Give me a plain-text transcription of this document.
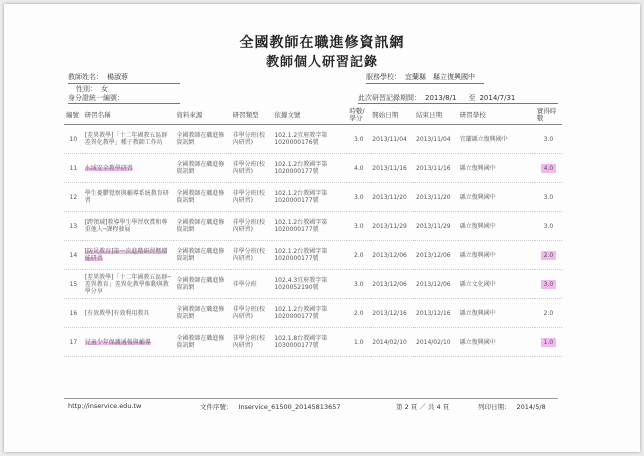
全國教師在職進修資訊網
教師個人研習記錄
教師姓名： 楊淑蓉
性別： 女
身分證統一編號：
服務學校： 宜蘭縣　縣立復興國中
此次研習記錄期間： 2013/8/1 至 2014/7/31
編號	研習名稱	資料來源	研習類型	依據文號	時數/學分	開始日期	結束日期	研習學校	實得時數
10	[差異教學]「十二年國教五區群差異化教學」種子教師工作坊	全國教師在職進修資訊網	非學分班(校內研習)	102.1.2宜府教字第1020000176號	3.0	2013/11/04	2013/11/04	宜蘭縣立復興國中	3.0
11	水域安全教學研習	全國教師在職進修資訊網	非學分班(校內研習)	102.1.2台教國字第1020000177號	4.0	2013/11/16	2013/11/16	縣立復興國中	4.0
12	學生憂鬱覺察與輔導系統教育研習	全國教師在職進修資訊網	非學分班(校內研習)	102.1.2台教國字第1020000177號	3.0	2013/11/20	2013/11/20	縣立復興國中	3.0
13	[跨領域]教導學生學習欣賞和尊重他人─課程發展	全國教師在職進修資訊網	非學分班(校內研習)	102.1.2台教國字第1020000177號	3.0	2013/11/29	2013/11/29	縣立復興國中	3.0
14	[防災教育]第一次進階研習暨增能研習	全國教師在職進修資訊網	非學分班(校內研習)	102.1.2台教國字第1020000177號	2.0	2013/12/06	2013/12/06	縣立復興國中	2.0
15	[差異教學]「十二年國教五區群─差異教育」差異化教學推動與教學分享	全國教師在職進修資訊網	非學分班	102.4.3宜府教字第1020052190號	3.0	2013/12/06	2013/12/06	縣立文化國中	3.0
16	[有效教學]有效利用教具	全國教師在職進修資訊網	非學分班(校內研習)	102.1.2台教國字第1020000177號	2.0	2013/12/16	2013/12/16	縣立復興國中	2.0
17	兒童少年保護通報與輔導	全國教師在職進修資訊網	非學分班(校內研習)	102.1.8台教國字第1030000177號	1.0	2014/02/10	2014/02/10	縣立復興國中	1.0
http://inservice.edu.tw	文件序號： Inservice_61500_20145813657	第 2 頁 ／ 共 4 頁	列印日期： 2014/5/8
